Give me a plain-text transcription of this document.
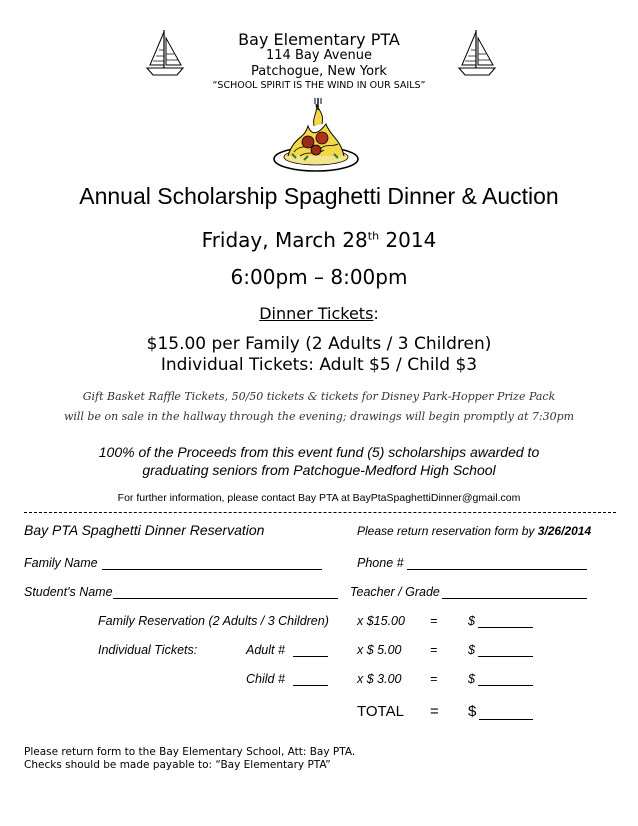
Bay Elementary PTA
114 Bay Avenue
Patchogue, New York
“SCHOOL SPIRIT IS THE WIND IN OUR SAILS”
Annual Scholarship Spaghetti Dinner & Auction
Friday, March 28th 2014
6:00pm – 8:00pm
Dinner Tickets:
$15.00 per Family (2 Adults / 3 Children)
Individual Tickets: Adult $5 / Child $3
Gift Basket Raffle Tickets, 50/50 tickets & tickets for Disney Park-Hopper Prize Pack
will be on sale in the hallway through the evening; drawings will begin promptly at 7:30pm
100% of the Proceeds from this event fund (5) scholarships awarded to
graduating seniors from Patchogue-Medford High School
For further information, please contact Bay PTA at BayPtaSpaghettiDinner@gmail.com
Bay PTA Spaghetti Dinner Reservation	Please return reservation form by 3/26/2014
Family Name	Phone #
Student's Name	Teacher / Grade
Family Reservation (2 Adults / 3 Children) x $15.00 = $
Individual Tickets:	Adult #	x $ 5.00 = $
Child #	x $ 3.00 = $
TOTAL = $
Please return form to the Bay Elementary School, Att: Bay PTA.
Checks should be made payable to: “Bay Elementary PTA”
